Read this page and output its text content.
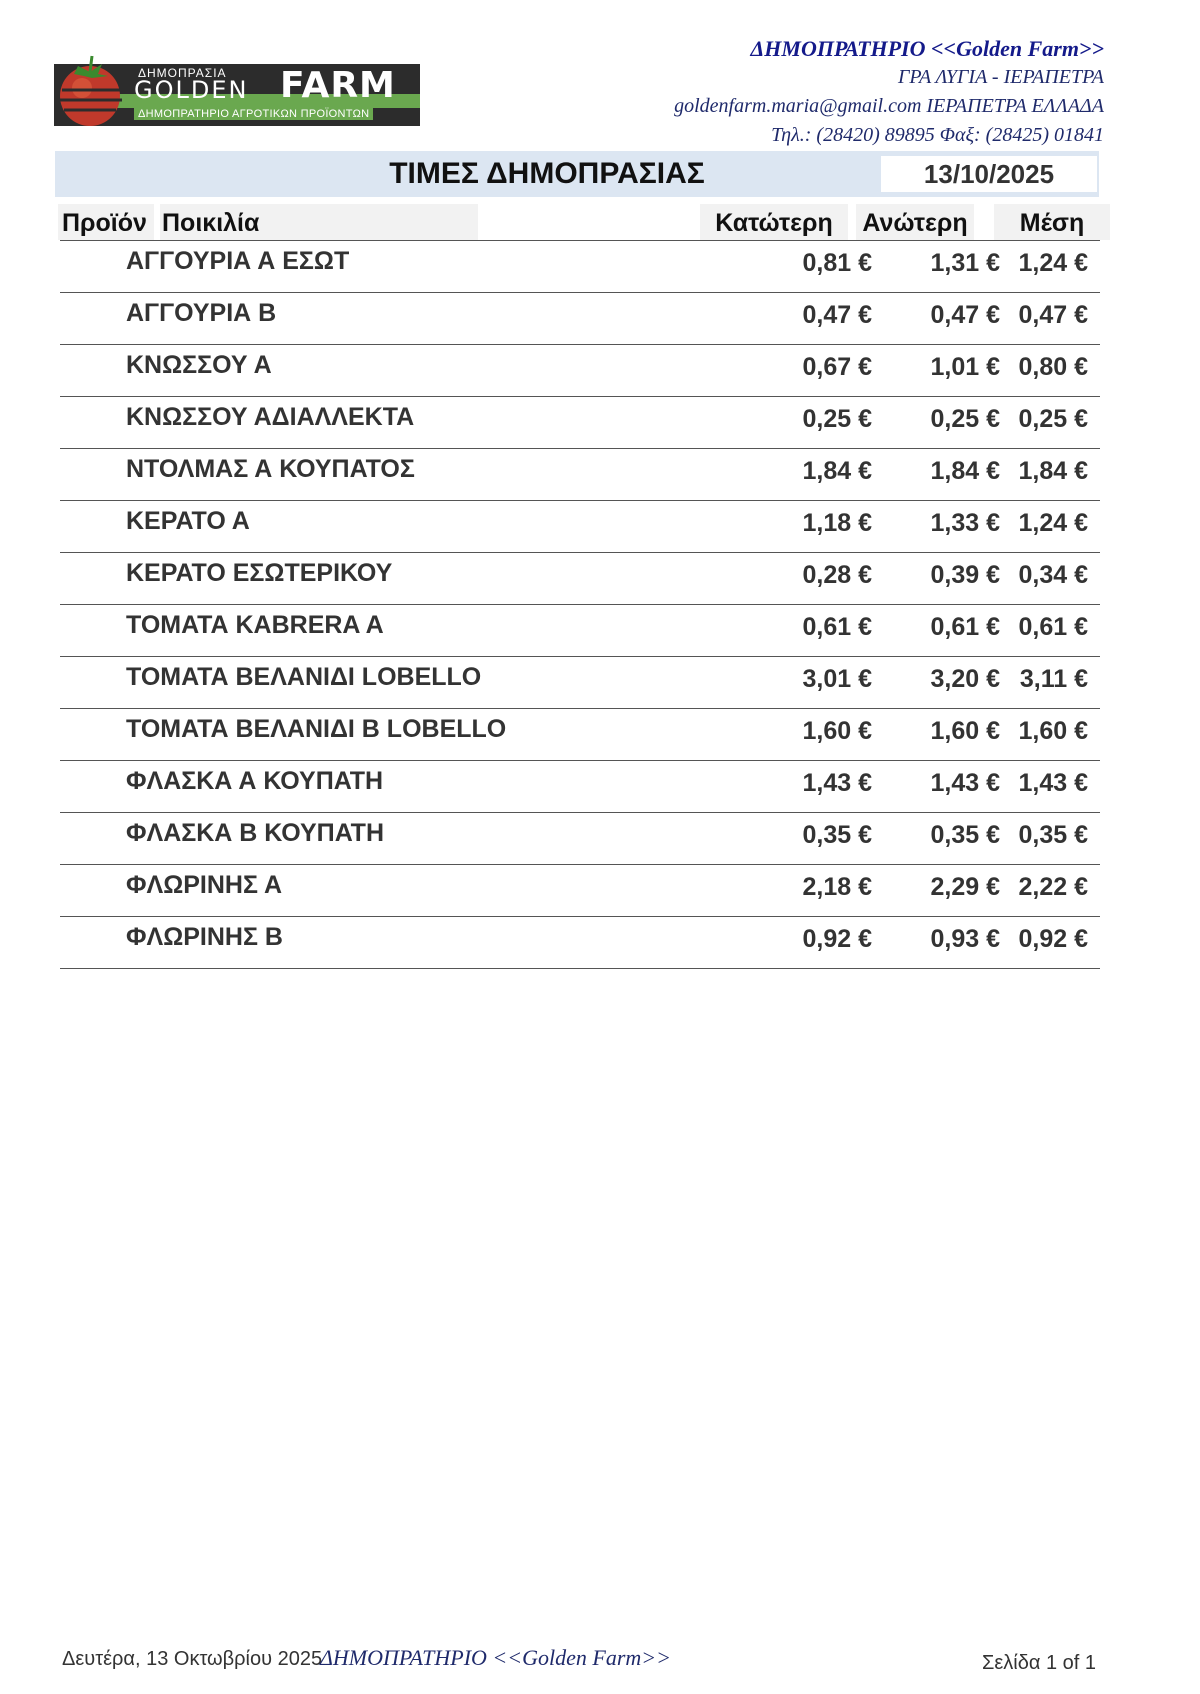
ΔΗΜΟΠΡΑΣΙΑ
GOLDEN FARM
ΔΗΜΟΠΡΑΤΗΡΙΟ ΑΓΡΟΤΙΚΩΝ ΠΡΟΪΟΝΤΩΝ
ΔΗΜΟΠΡΑΤΗΡΙΟ <<Golden Farm>>
ΓΡΑ ΛΥΓΙΑ - ΙΕΡΑΠΕΤΡΑ
goldenfarm.maria@gmail.com ΙΕΡΑΠΕΤΡΑ ΕΛΛΑΔΑ
Τηλ.: (28420) 89895 Φαξ: (28425) 01841
ΤΙΜΕΣ ΔΗΜΟΠΡΑΣΙΑΣ	13/10/2025
Προϊόν Ποικιλία	Κατώτερη	Ανώτερη	Μέση
ΑΓΓΟΥΡΙΑ Α ΕΣΩΤ	0,81 € 1,31 € 1,24 €
ΑΓΓΟΥΡΙΑ Β	0,47 € 0,47 € 0,47 €
ΚΝΩΣΣΟΥ Α	0,67 € 1,01 € 0,80 €
ΚΝΩΣΣΟΥ ΑΔΙΑΛΛΕΚΤΑ	0,25 € 0,25 € 0,25 €
ΝΤΟΛΜΑΣ Α ΚΟΥΠΑΤΟΣ	1,84 € 1,84 € 1,84 €
ΚΕΡΑΤΟ Α	1,18 € 1,33 € 1,24 €
ΚΕΡΑΤΟ ΕΣΩΤΕΡΙΚΟΥ	0,28 € 0,39 € 0,34 €
ΤΟΜΑΤΑ KABRERA A	0,61 € 0,61 € 0,61 €
ΤΟΜΑΤΑ ΒΕΛΑΝΙΔΙ LOBELLO	3,01 € 3,20 € 3,11 €
ΤΟΜΑΤΑ ΒΕΛΑΝΙΔΙ Β LOBELLO	1,60 € 1,60 € 1,60 €
ΦΛΑΣΚΑ Α ΚΟΥΠΑΤΗ	1,43 € 1,43 € 1,43 €
ΦΛΑΣΚΑ Β ΚΟΥΠΑΤΗ	0,35 € 0,35 € 0,35 €
ΦΛΩΡΙΝΗΣ Α	2,18 € 2,29 € 2,22 €
ΦΛΩΡΙΝΗΣ Β	0,92 € 0,93 € 0,92 €
Δευτέρα, 13 Οκτωβρίου 2025
ΔΗΜΟΠΡΑΤΗΡΙΟ <<Golden Farm>>	Σελίδα 1 of 1
